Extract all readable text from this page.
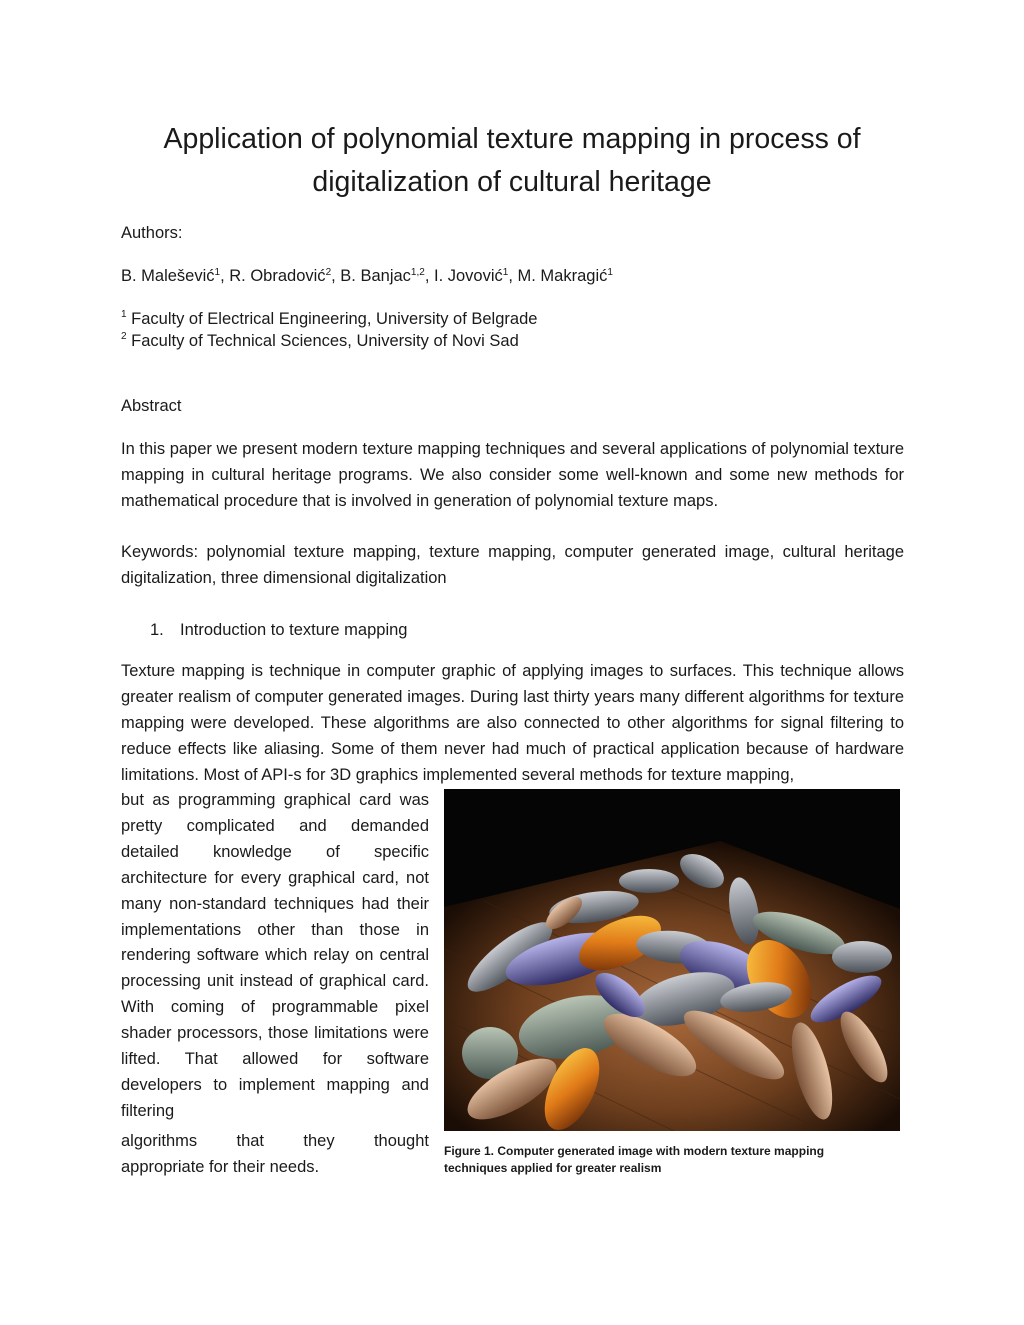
Application of polynomial texture mapping in process of digitalization of cultural heritage

Authors:

B. Malešević$^1$, R. Obradović$^2$, B. Banjac$^{1,2}$, I. Jovović$^1$, M. Makragić$^1$

$^1$ Faculty of Electrical Engineering, University of Belgrade

$^2$ Faculty of Technical Sciences, University of Novi Sad

Abstract

In this paper we present modern texture mapping techniques and several applications of polynomial texture mapping in cultural heritage programs. We also consider some well-known and some new methods for mathematical procedure that is involved in generation of polynomial texture maps.

Keywords: polynomial texture mapping, texture mapping, computer generated image, cultural heritage digitalization, three dimensional digitalization

1. Introduction to texture mapping

Texture mapping is technique in computer graphic of applying images to surfaces. This technique allows greater realism of computer generated images. During last thirty years many different algorithms for texture mapping were developed. These algorithms are also connected to other algorithms for signal filtering to reduce effects like aliasing. Some of them never had much of practical application because of hardware limitations. Most of API-s for 3D graphics implemented several methods for texture mapping,

but as programming graphical card was pretty complicated and demanded detailed knowledge of specific architecture for every graphical card, not many non-standard techniques had their implementations other than those in rendering software which relay on central processing unit instead of graphical card. With coming of programmable pixel shader processors, those limitations were lifted. That allowed for software developers to implement mapping and filtering
algorithms that they thought
appropriate for their needs.

Figure 1. Computer generated image with modern texture mapping techniques applied for greater realism
